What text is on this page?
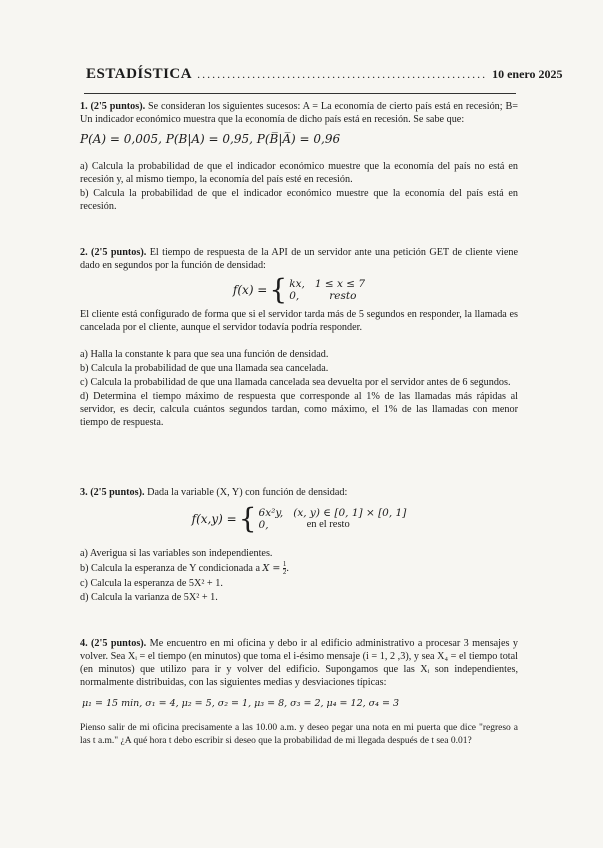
ESTADÍSTICA .......................................................... 10 enero 2025

1. (2'5 puntos). Se consideran los siguientes sucesos: A = La economía de cierto país está en recesión; B= Un indicador económico muestra que la economía de dicho país está en recesión. Se sabe que:

P(A) = 0,005, P(B|A) = 0,95, P(B̅|A̅) = 0,96

a) Calcula la probabilidad de que el indicador económico muestre que la economía del país no está en recesión y, al mismo tiempo, la economía del país esté en recesión.

b) Calcula la probabilidad de que el indicador económico muestre que la economía del país está en recesión.

2. (2'5 puntos). El tiempo de respuesta de la API de un servidor ante una petición GET de cliente viene dado en segundos por la función de densidad:

f(x) = { kx, 1 ≤ x ≤ 7
0,	resto

El cliente está configurado de forma que si el servidor tarda más de 5 segundos en responder, la llamada es cancelada por el cliente, aunque el servidor todavía podría responder.

a) Halla la constante k para que sea una función de densidad.

b) Calcula la probabilidad de que una llamada sea cancelada.

c) Calcula la probabilidad de que una llamada cancelada sea devuelta por el servidor antes de 6 segundos.

d) Determina el tiempo máximo de respuesta que corresponde al 1% de las llamadas más rápidas al servidor, es decir, calcula cuántos segundos tardan, como máximo, el 1% de las llamadas con menor tiempo de respuesta.

3. (2'5 puntos). Dada la variable (X, Y) con función de densidad:

f(x,y) = { 6x²y, (x, y) ∈ [0, 1] × [0, 1]
0,	en el resto

a) Averigua si las variables son independientes.

b) Calcula la esperanza de Y condicionada a $X = \frac{1}{2}$ .

c) Calcula la esperanza de 5X² + 1.

d) Calcula la varianza de 5X² + 1.

4. (2'5 puntos). Me encuentro en mi oficina y debo ir al edificio administrativo a procesar 3 mensajes y volver. Sea Xᵢ = el tiempo (en minutos) que toma el i-ésimo mensaje (i = 1, 2 ,3), y sea X₄ = el tiempo total (en minutos) que utilizo para ir y volver del edificio. Supongamos que las Xᵢ son independientes, normalmente distribuidas, con las siguientes medias y desviaciones típicas:

μ₁ = 15 min, σ₁ = 4, μ₂ = 5, σ₂ = 1, μ₃ = 8, σ₃ = 2, μ₄ = 12, σ₄ = 3

Pienso salir de mi oficina precisamente a las 10.00 a.m. y deseo pegar una nota en mi puerta que dice "regreso a las t a.m." ¿A qué hora t debo escribir si deseo que la probabilidad de mi llegada después de t sea 0.01?
